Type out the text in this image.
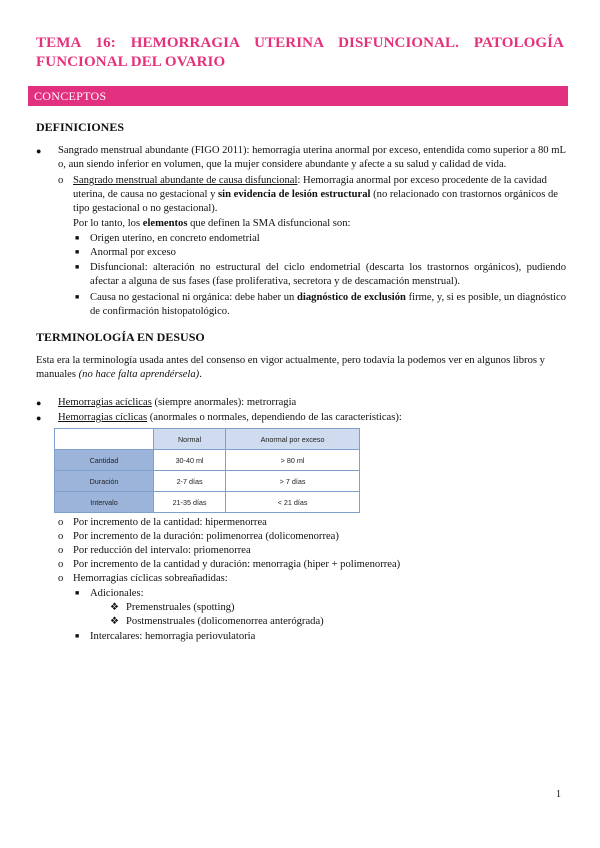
TEMA 16: HEMORRAGIA UTERINA DISFUNCIONAL. PATOLOGÍA FUNCIONAL DEL OVARIO
CONCEPTOS
DEFINICIONES
● Sangrado menstrual abundante (FIGO 2011): hemorragia uterina anormal por exceso, entendida como superior a 80 mL o, aun siendo inferior en volumen, que la mujer considere abundante y afecte a su salud y calidad de vida.
o Sangrado menstrual abundante de causa disfuncional: Hemorragia anormal por exceso procedente de la cavidad uterina, de causa no gestacional y sin evidencia de lesión estructural (no relacionado con trastornos orgánicos de tipo gestacional o no gestacional).
Por lo tanto, los elementos que definen la SMA disfuncional son:
■ Origen uterino, en concreto endometrial
■ Anormal por exceso
■ Disfuncional: alteración no estructural del ciclo endometrial (descarta los trastornos orgánicos), pudiendo afectar a alguna de sus fases (fase proliferativa, secretora y de descamación menstrual).
■ Causa no gestacional ni orgánica: debe haber un diagnóstico de exclusión firme, y, si es posible, un diagnóstico de confirmación histopatológico.
TERMINOLOGÍA EN DESUSO
Esta era la terminología usada antes del consenso en vigor actualmente, pero todavía la podemos ver en algunos libros y manuales (no hace falta aprendérsela).
● Hemorragias acíclicas (siempre anormales): metrorragia
● Hemorragias cíclicas (anormales o normales, dependiendo de las características):
	Normal	Anormal por exceso
Cantidad	30-40 ml	> 80 ml
Duración	2-7 días	> 7 días
Intervalo	21-35 días	< 21 días
o Por incremento de la cantidad: hipermenorrea
o Por incremento de la duración: polimenorrea (dolicomenorrea)
o Por reducción del intervalo: priomenorrea
o Por incremento de la cantidad y duración: menorragia (hiper + polimenorrea)
o Hemorragias cíclicas sobreañadidas:
■ Adicionales:
❖ Premenstruales (spotting)
❖ Postmenstruales (dolicomenorrea anterógrada)
■ Intercalares: hemorragia periovulatoria
1
